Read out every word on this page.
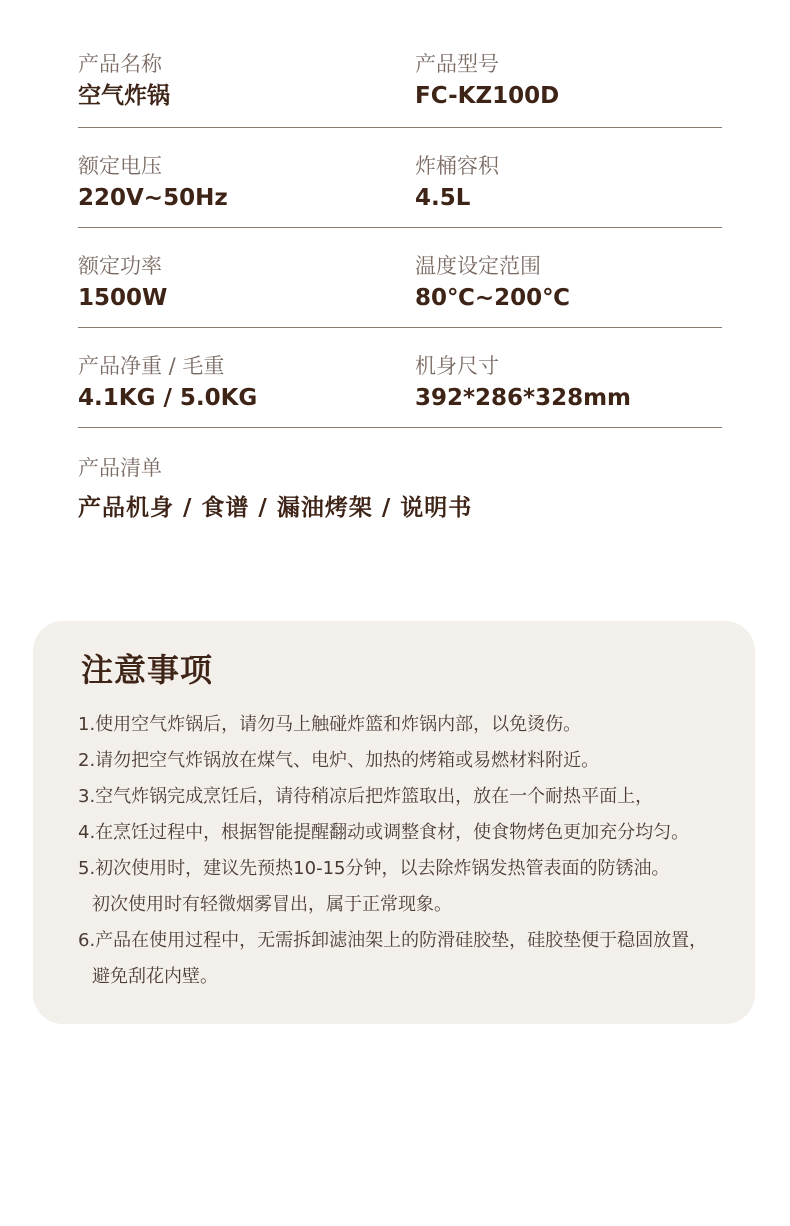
产品名称
空气炸锅
产品型号
FC-KZ100D
额定电压
220V~50Hz
炸桶容积
4.5L
额定功率
1500W
温度设定范围
80℃~200℃
产品净重 / 毛重
4.1KG / 5.0KG
机身尺寸
392*286*328mm
产品清单
产品机身 / 食谱 / 漏油烤架 / 说明书
注意事项
1.使用空气炸锅后，请勿马上触碰炸篮和炸锅内部，以免烫伤。
2.请勿把空气炸锅放在煤气、电炉、加热的烤箱或易燃材料附近。
3.空气炸锅完成烹饪后，请待稍凉后把炸篮取出，放在一个耐热平面上，
4.在烹饪过程中，根据智能提醒翻动或调整食材，使食物烤色更加充分均匀。
5.初次使用时，建议先预热10-15分钟，以去除炸锅发热管表面的防锈油。
初次使用时有轻微烟雾冒出，属于正常现象。
6.产品在使用过程中，无需拆卸滤油架上的防滑硅胶垫，硅胶垫便于稳固放置，
避免刮花内壁。
